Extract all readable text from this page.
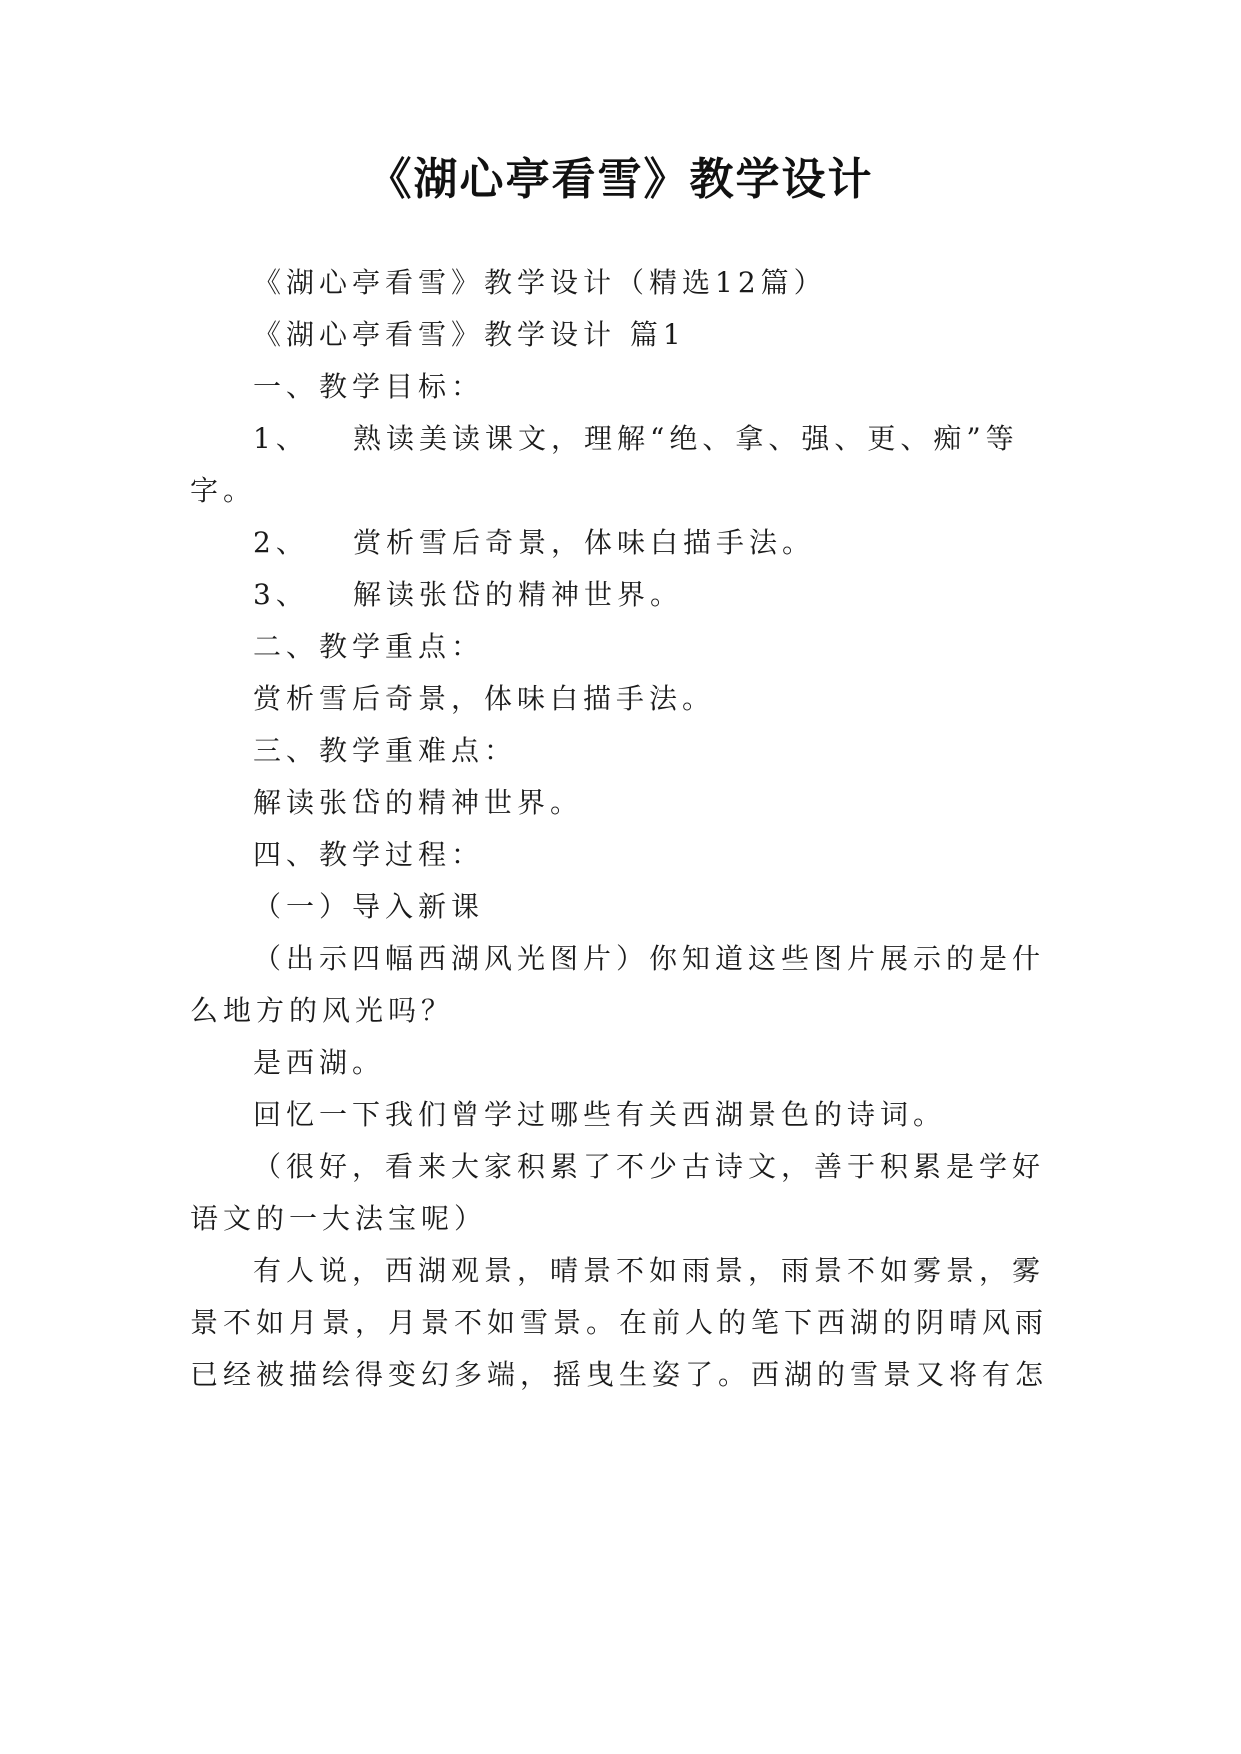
《湖心亭看雪》教学设计

《湖心亭看雪》教学设计（精选12篇）

《湖心亭看雪》教学设计 篇1

一、教学目标：

1、 熟读美读课文，理解“绝、拿、强、更、痴”等

字。

2、 赏析雪后奇景，体味白描手法。

3、 解读张岱的精神世界。

二、教学重点：

赏析雪后奇景，体味白描手法。

三、教学重难点：

解读张岱的精神世界。

四、教学过程：

（一）导入新课

（出示四幅西湖风光图片）你知道这些图片展示的是什

么地方的风光吗？

是西湖。

回忆一下我们曾学过哪些有关西湖景色的诗词。

（很好，看来大家积累了不少古诗文，善于积累是学好

语文的一大法宝呢）

有人说，西湖观景，晴景不如雨景，雨景不如雾景，雾

景不如月景，月景不如雪景。在前人的笔下西湖的阴晴风雨

已经被描绘得变幻多端，摇曳生姿了。西湖的雪景又将有怎
